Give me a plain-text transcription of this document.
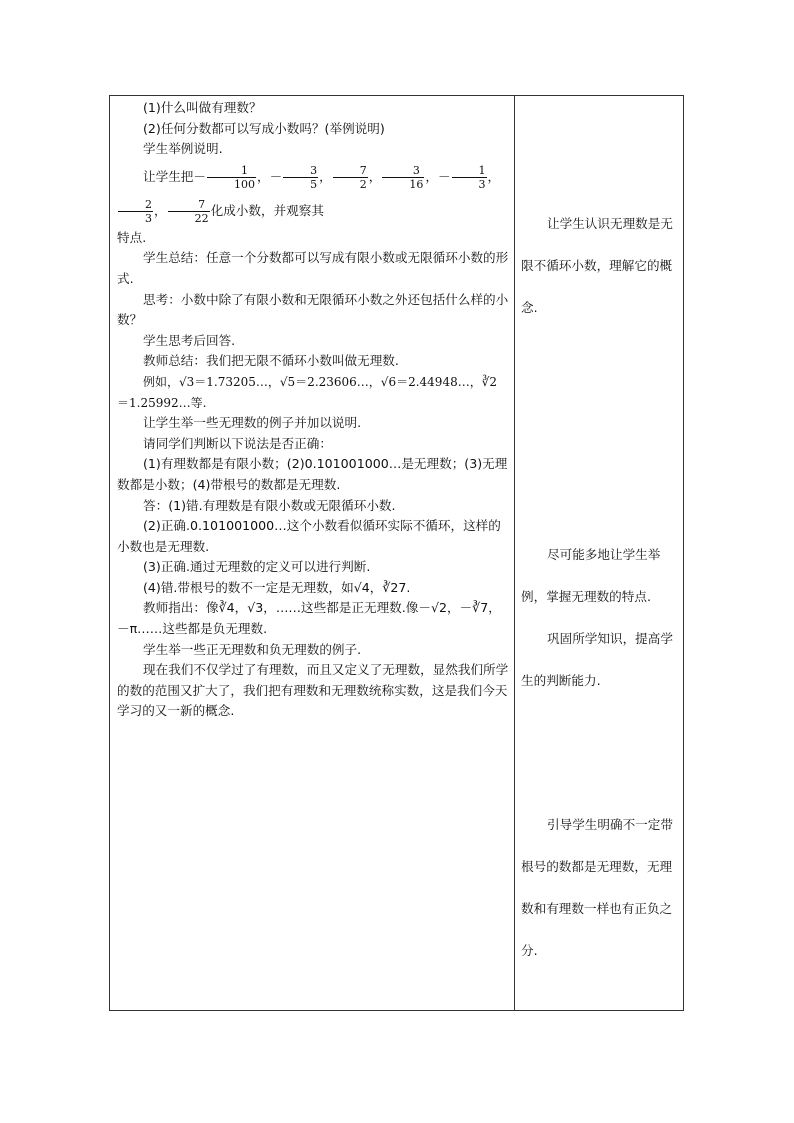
(1)什么叫做有理数？

(2)任何分数都可以写成小数吗？(举例说明)

学生举例说明.

让学生把－ $\frac{1}{100}$ ，－ $\frac{3}{5}$ ， $\frac{7}{2}$ ， $\frac{3}{16}$ ，－ $\frac{1}{3}$ ，
$\frac{2}{3}$ ， $\frac{7}{22}$ 化成小数，并观察其

特点.

学生总结：任意一个分数都可以写成有限小数或无限循环小数的形式.

思考：小数中除了有限小数和无限循环小数之外还包括什么样的小数？

学生思考后回答.

教师总结：我们把无限不循环小数叫做无理数.

例如，√3＝1.73205…，√5＝2.23606…，√6＝2.44948…，∛2

＝1.25992…等.

让学生举一些无理数的例子并加以说明.

请同学们判断以下说法是否正确：

(1)有理数都是有限小数；(2)0.101001000…是无理数；(3)无理数都是小数；(4)带根号的数都是无理数.

答：(1)错.有理数是有限小数或无限循环小数.

(2)正确.0.101001000…这个小数看似循环实际不循环，这样的小数也是无理数.

(3)正确.通过无理数的定义可以进行判断.

(4)错.带根号的数不一定是无理数，如√4，∛27.

教师指出：像∛4，√3，……这些都是正无理数.像－√2，－∛7，－π……这些都是负无理数.

学生举一些正无理数和负无理数的例子.

现在我们不仅学过了有理数，而且又定义了无理数，显然我们所学的数的范围又扩大了，我们把有理数和无理数统称实数，这是我们今天学习的又一新的概念.

让学生认识无理数是无限不循环小数，理解它的概念.

尽可能多地让学生举例，掌握无理数的特点.

巩固所学知识，提高学生的判断能力.

引导学生明确不一定带根号的数都是无理数，无理数和有理数一样也有正负之分.
